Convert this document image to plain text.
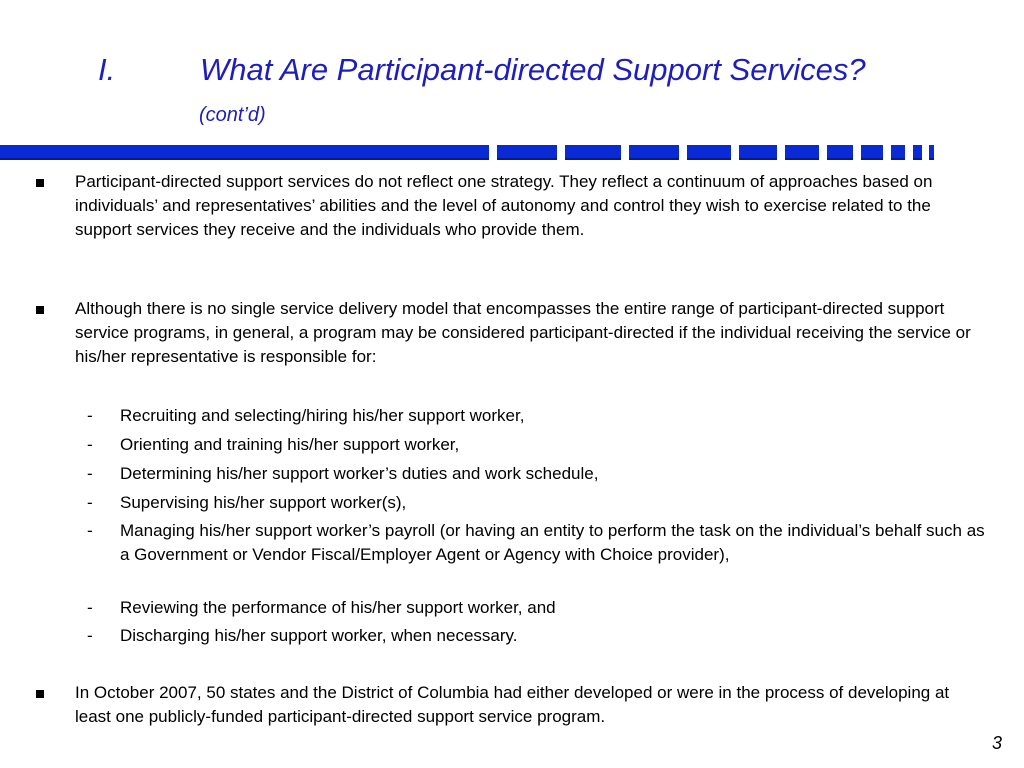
I.	What Are Participant-directed Support Services?
(cont’d)
Participant-directed support services do not reflect one strategy. They reflect a continuum of approaches based on individuals’ and representatives’ abilities and the level of autonomy and control they wish to exercise related to the support services they receive and the individuals who provide them.
Although there is no single service delivery model that encompasses the entire range of participant-directed support service programs, in general, a program may be considered participant-directed if the individual receiving the service or his/her representative is responsible for:
- Recruiting and selecting/hiring his/her support worker,
- Orienting and training his/her support worker,
- Determining his/her support worker’s duties and work schedule,
- Supervising his/her support worker(s),
- Managing his/her support worker’s payroll (or having an entity to perform the task on the individual’s behalf such as a Government or Vendor Fiscal/Employer Agent or Agency with Choice provider),
- Reviewing the performance of his/her support worker, and
- Discharging his/her support worker, when necessary.
In October 2007, 50 states and the District of Columbia had either developed or were in the process of developing at least one publicly-funded participant-directed support service program.
3
